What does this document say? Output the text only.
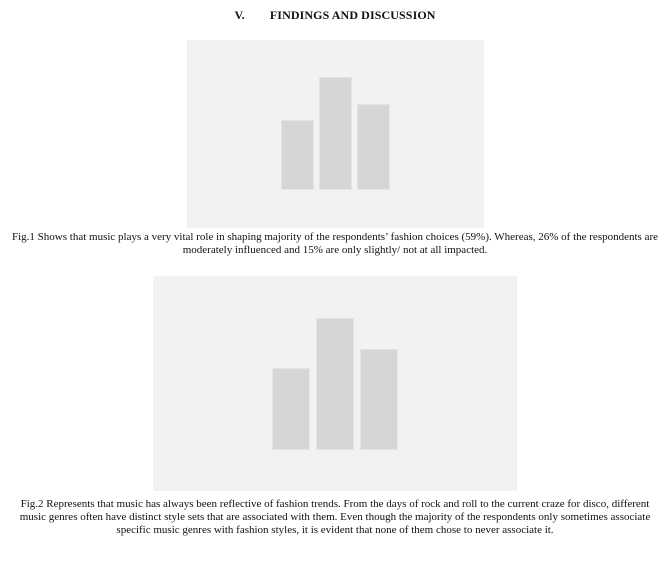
V. FINDINGS AND DISCUSSION
Fig.1 Shows that music plays a very vital role in shaping majority of the respondents’ fashion choices (59%). Whereas, 26% of the respondents are moderately influenced and 15% are only slightly/ not at all impacted.
Fig.2 Represents that music has always been reflective of fashion trends. From the days of rock and roll to the current craze for disco, different music genres often have distinct style sets that are associated with them. Even though the majority of the respondents only sometimes associate specific music genres with fashion styles, it is evident that none of them chose to never associate it.
